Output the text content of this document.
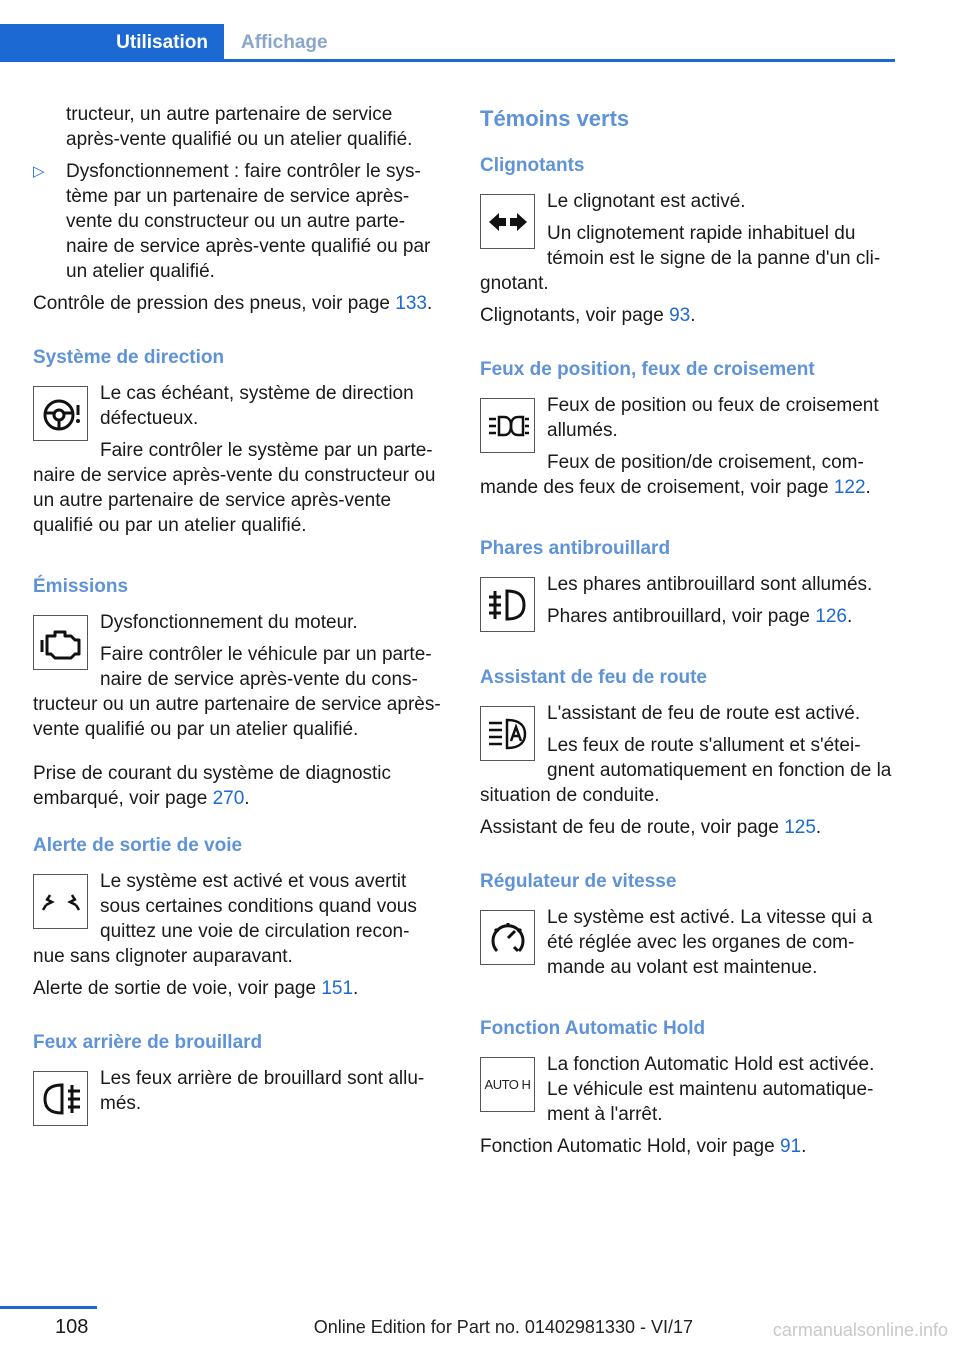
Utilisation	Affichage

tructeur, un autre partenaire de service après-vente qualifié ou un atelier qualifié.

▷ Dysfonctionnement : faire contrôler le sys- tème par un partenaire de service après- vente du constructeur ou un autre parte- naire de service après-vente qualifié ou par un atelier qualifié.

Contrôle de pression des pneus, voir page 133.

Système de direction

Le cas échéant, système de direction défectueux.

Faire contrôler le système par un parte- naire de service après-vente du constructeur ou un autre partenaire de service après-vente qualifié ou par un atelier qualifié.

Émissions

Dysfonctionnement du moteur.

Faire contrôler le véhicule par un parte- naire de service après-vente du cons- tructeur ou un autre partenaire de service après-vente qualifié ou par un atelier qualifié.

Prise de courant du système de diagnostic embarqué, voir page 270.

Alerte de sortie de voie

Le système est activé et vous avertit sous certaines conditions quand vous quittez une voie de circulation recon- nue sans clignoter auparavant.

Alerte de sortie de voie, voir page 151.

Feux arrière de brouillard

Les feux arrière de brouillard sont allu- més.

Témoins verts
Clignotants

Le clignotant est activé.

Un clignotement rapide inhabituel du témoin est le signe de la panne d'un cli- gnotant.

Clignotants, voir page 93.

Feux de position, feux de croisement

Feux de position ou feux de croisement allumés.

Feux de position/de croisement, com- mande des feux de croisement, voir page 122.

Phares antibrouillard

Les phares antibrouillard sont allumés.

Phares antibrouillard, voir page 126.

Assistant de feu de route

L'assistant de feu de route est activé.

Les feux de route s'allument et s'étei- gnent automatiquement en fonction de la situation de conduite.

Assistant de feu de route, voir page 125.

Régulateur de vitesse

Le système est activé. La vitesse qui a été réglée avec les organes de com- mande au volant est maintenue.

Fonction Automatic Hold
AUTO H

La fonction Automatic Hold est activée. Le véhicule est maintenu automatique- ment à l'arrêt.

Fonction Automatic Hold, voir page 91.

108	Online Edition for Part no. 01402981330 - VI/17	carmanualsonline.info
